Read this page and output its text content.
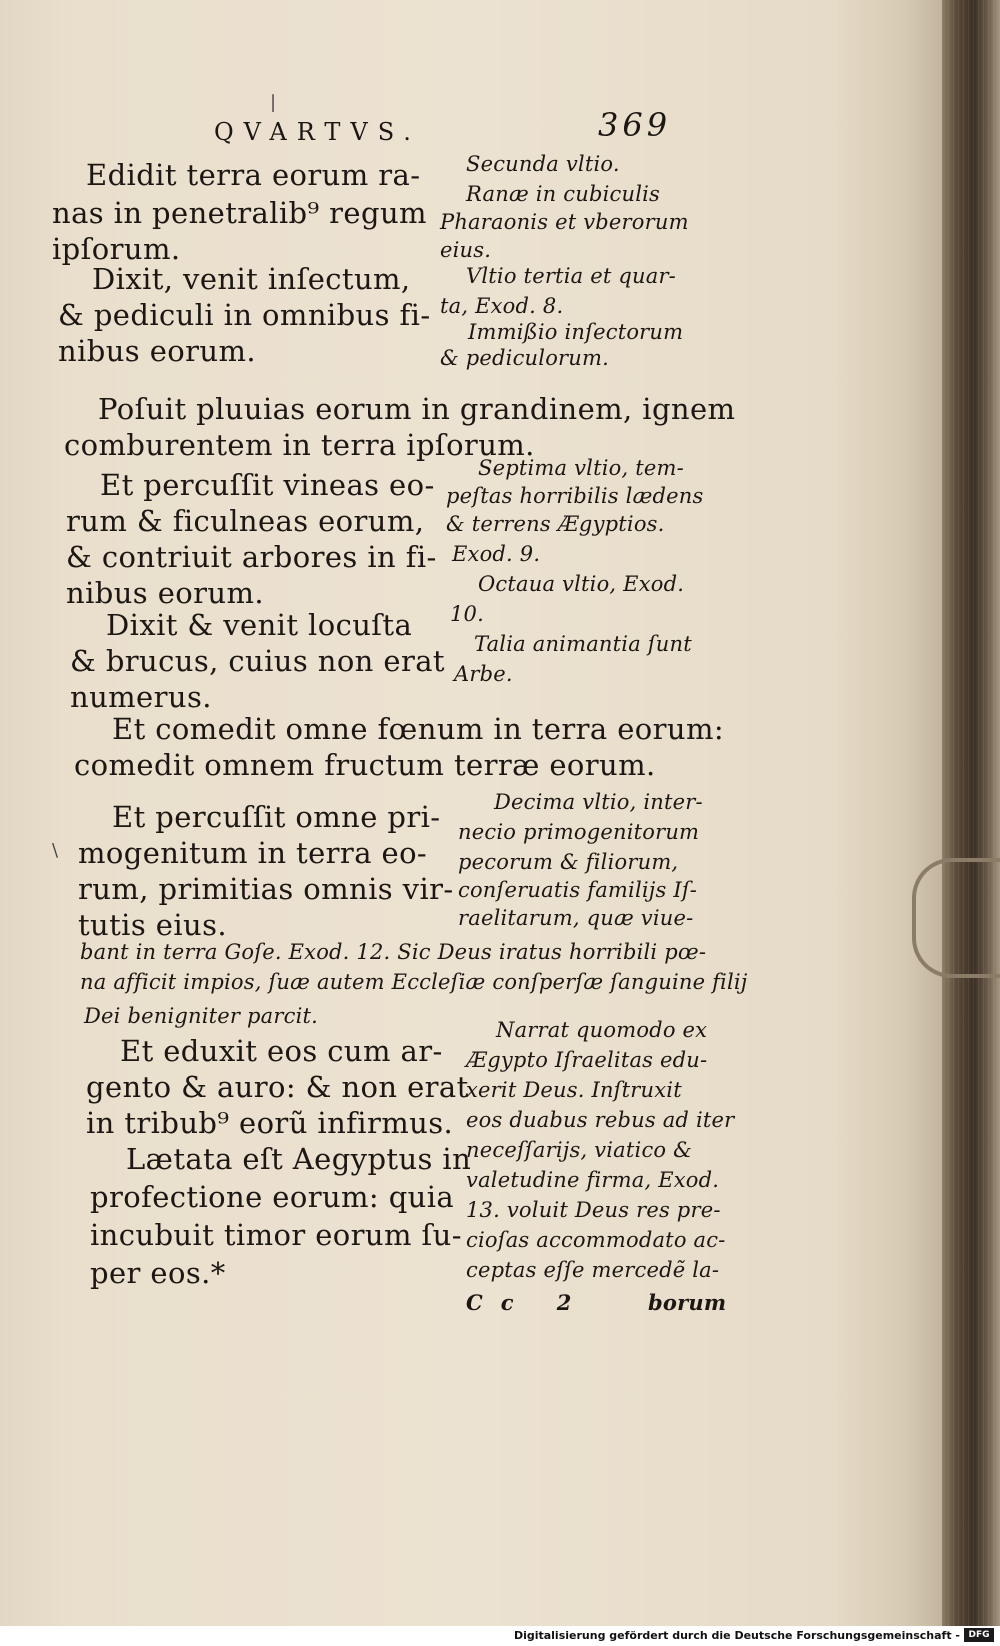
QVARTVS.	369
Edidit terra eorum ra-
nas in penetralib⁹ regum
ipſorum.
Secunda vltio.
Ranæ in cubiculis
Pharaonis et vberorum
eius.
Dixit, venit inſectum,
& pediculi in omnibus fi-
nibus eorum.
Vltio tertia et quar-
ta, Exod. 8.
Immißio inſectorum
& pediculorum.
Poſuit pluuias eorum in grandinem, ignem
comburentem in terra ipſorum.
Et percuſſit vineas eo-
rum & ficulneas eorum,
& contriuit arbores in fi-
nibus eorum.
Septima vltio, tem-
peſtas horribilis lædens
& terrens Ægyptios.
Exod. 9.
Octaua vltio, Exod.
10.
Dixit & venit locuſta
& brucus, cuius non erat
numerus.
Talia animantia ſunt
Arbe.
Et comedit omne fœnum in terra eorum:
comedit omnem fructum terræ eorum.
Et percuſſit omne pri-
mogenitum in terra eo-
rum, primitias omnis vir-
tutis eius.
Decima vltio, inter-
necio primogenitorum
pecorum & filiorum,
conſeruatis familijs Iſ-
raelitarum, quæ viue-
bant in terra Goſe. Exod. 12. Sic Deus iratus horribili pœ-
na afficit impios, ſuæ autem Eccleſiæ conſperſæ ſanguine filij
Dei benigniter parcit.
Et eduxit eos cum ar-
gento & auro: & non erat
in tribub⁹ eorũ infirmus.
Narrat quomodo ex
Ægypto Iſraelitas edu-
xerit Deus. Inſtruxit
eos duabus rebus ad iter
neceſſarijs, viatico &
valetudine firma, Exod.
13. voluit Deus res pre-
cioſas accommodato ac-
ceptas eſſe mercedẽ la-
Lætata eſt Aegyptus in
profectione eorum: quia
incubuit timor eorum ſu-
per eos.*
Cc 2	borum
|
\
Digitalisierung gefördert durch die Deutsche Forschungsgemeinschaft - DFG
